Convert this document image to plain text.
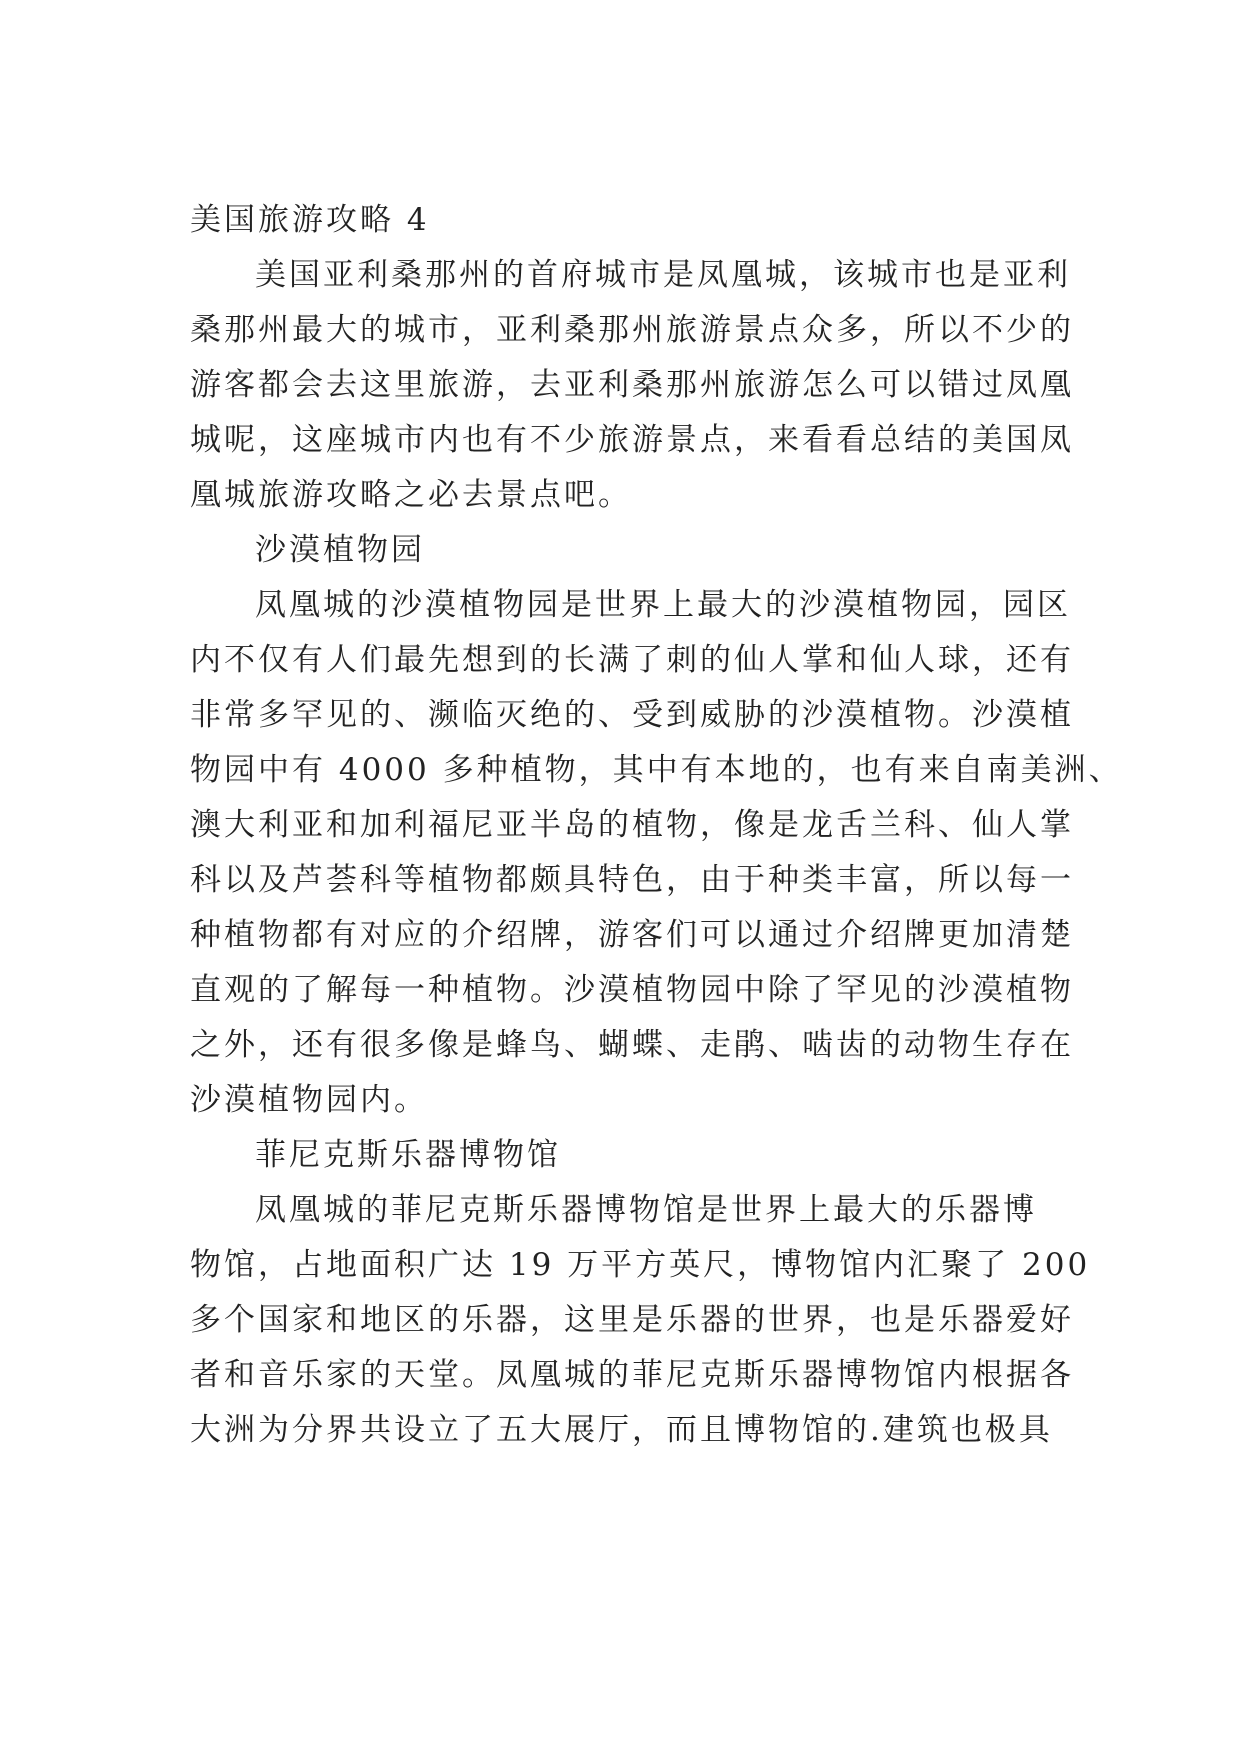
美国旅游攻略 4
美国亚利桑那州的首府城市是凤凰城，该城市也是亚利
桑那州最大的城市，亚利桑那州旅游景点众多，所以不少的
游客都会去这里旅游，去亚利桑那州旅游怎么可以错过凤凰
城呢，这座城市内也有不少旅游景点，来看看总结的美国凤
凰城旅游攻略之必去景点吧。
沙漠植物园
凤凰城的沙漠植物园是世界上最大的沙漠植物园，园区
内不仅有人们最先想到的长满了刺的仙人掌和仙人球，还有
非常多罕见的、濒临灭绝的、受到威胁的沙漠植物。沙漠植
物园中有 4000 多种植物，其中有本地的，也有来自南美洲、
澳大利亚和加利福尼亚半岛的植物，像是龙舌兰科、仙人掌
科以及芦荟科等植物都颇具特色，由于种类丰富，所以每一
种植物都有对应的介绍牌，游客们可以通过介绍牌更加清楚
直观的了解每一种植物。沙漠植物园中除了罕见的沙漠植物
之外，还有很多像是蜂鸟、蝴蝶、走鹃、啮齿的动物生存在
沙漠植物园内。
菲尼克斯乐器博物馆
凤凰城的菲尼克斯乐器博物馆是世界上最大的乐器博
物馆，占地面积广达 19 万平方英尺，博物馆内汇聚了 200
多个国家和地区的乐器，这里是乐器的世界，也是乐器爱好
者和音乐家的天堂。凤凰城的菲尼克斯乐器博物馆内根据各
大洲为分界共设立了五大展厅，而且博物馆的.建筑也极具
